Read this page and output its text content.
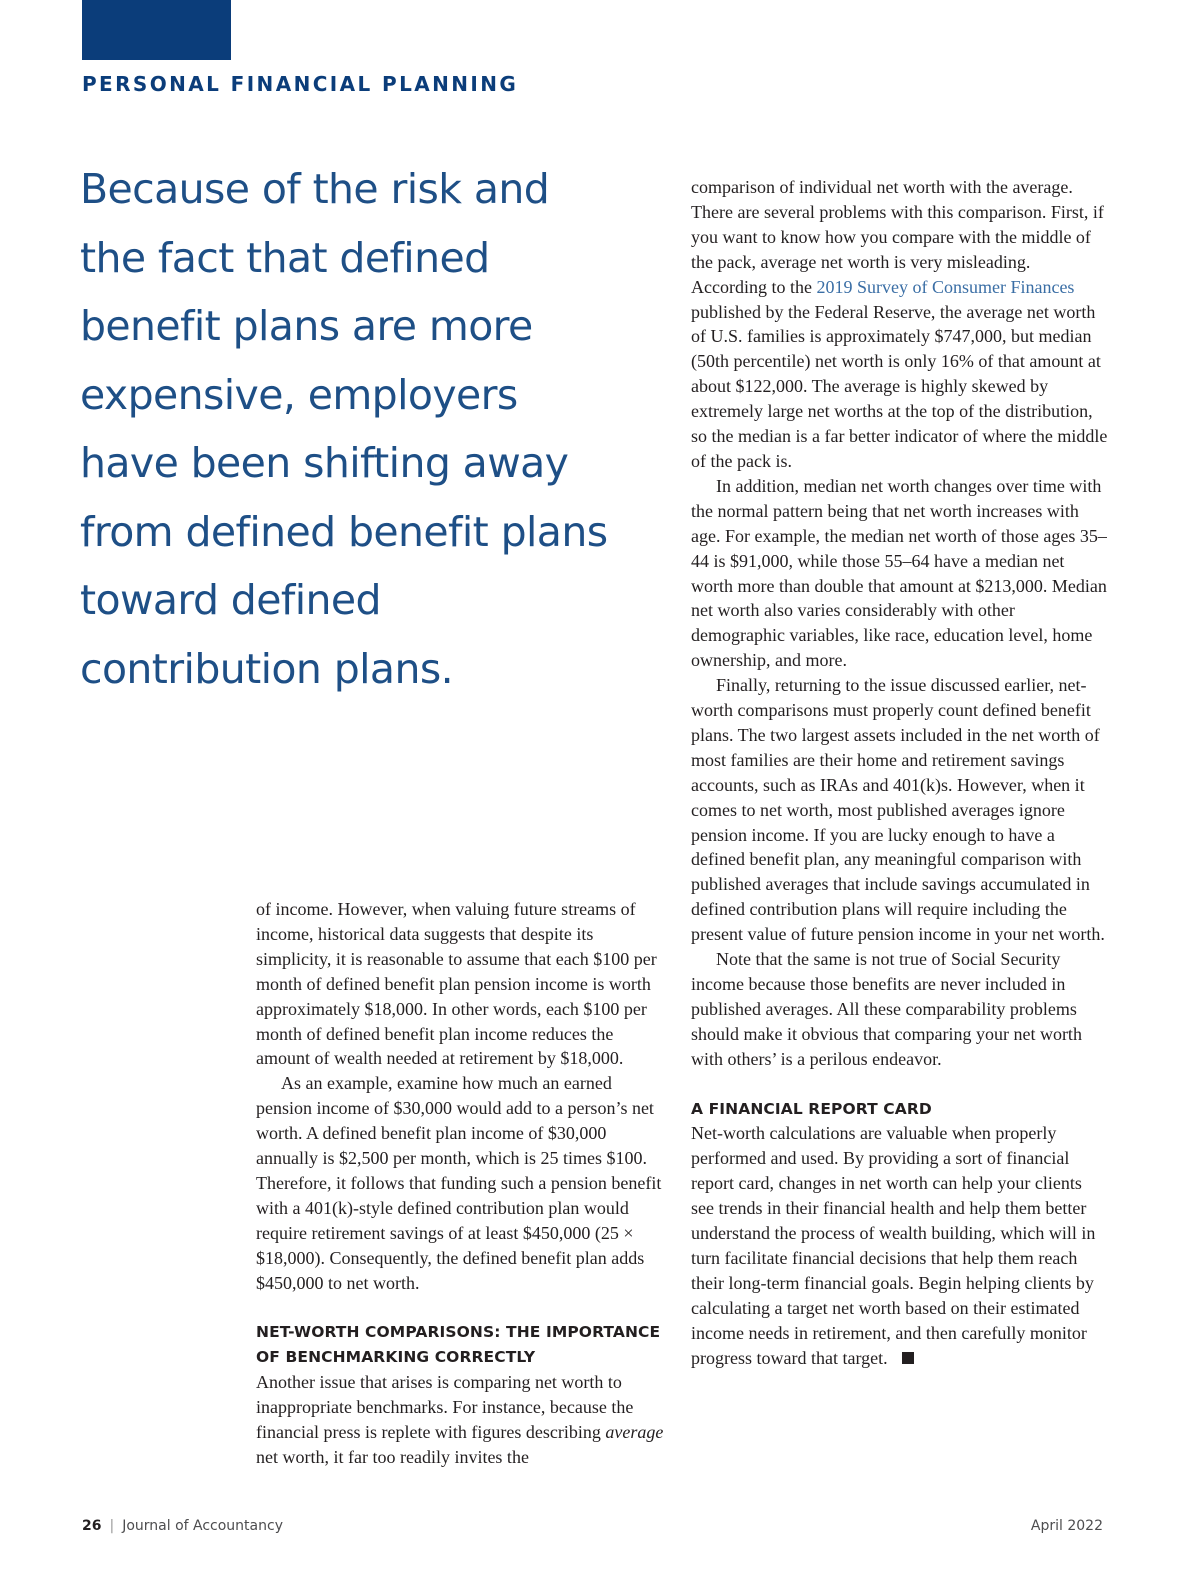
PERSONAL FINANCIAL PLANNING
Because of the risk and the fact that defined benefit plans are more expensive, employers have been shifting away from defined benefit plans toward defined contribution plans.

of income. However, when valuing future streams of income, historical data suggests that despite its simplicity, it is reasonable to assume that each $100 per month of defined benefit plan pension income is worth approximately $18,000. In other words, each $100 per month of defined benefit plan income reduces the amount of wealth needed at retirement by $18,000.

As an example, examine how much an earned pension income of $30,000 would add to a person’s net worth. A defined benefit plan income of $30,000 annually is $2,500 per month, which is 25 times $100. Therefore, it follows that funding such a pension benefit with a 401(k)-style defined contribution plan would require retirement savings of at least $450,000 (25 × $18,000). Consequently, the defined benefit plan adds $450,000 to net worth.

NET-WORTH COMPARISONS: THE IMPORTANCE OF BENCHMARKING CORRECTLY

Another issue that arises is comparing net worth to inappropriate benchmarks. For instance, because the financial press is replete with figures describing average net worth, it far too readily invites the

comparison of individual net worth with the average. There are several problems with this comparison. First, if you want to know how you compare with the middle of the pack, average net worth is very misleading. According to the 2019 Survey of Consumer Finances published by the Federal Reserve, the average net worth of U.S. families is approximately $747,000, but median (50th percentile) net worth is only 16% of that amount at about $122,000. The average is highly skewed by extremely large net worths at the top of the distribution, so the median is a far better indicator of where the middle of the pack is.

In addition, median net worth changes over time with the normal pattern being that net worth increases with age. For example, the median net worth of those ages 35–44 is $91,000, while those 55–64 have a median net worth more than double that amount at $213,000. Median net worth also varies considerably with other demographic variables, like race, education level, home ownership, and more.

Finally, returning to the issue discussed earlier, net-worth comparisons must properly count defined benefit plans. The two largest assets included in the net worth of most families are their home and retirement savings accounts, such as IRAs and 401(k)s. However, when it comes to net worth, most published averages ignore pension income. If you are lucky enough to have a defined benefit plan, any meaningful comparison with published averages that include savings accumulated in defined contribution plans will require including the present value of future pension income in your net worth.

Note that the same is not true of Social Security income because those benefits are never included in published averages. All these comparability problems should make it obvious that comparing your net worth with others’ is a perilous endeavor.

A FINANCIAL REPORT CARD

Net-worth calculations are valuable when properly performed and used. By providing a sort of financial report card, changes in net worth can help your clients see trends in their financial health and help them better understand the process of wealth building, which will in turn facilitate financial decisions that help them reach their long-term financial goals. Begin helping clients by calculating a target net worth based on their estimated income needs in retirement, and then carefully monitor progress toward that target.

26 | Journal of Accountancy	April 2022
